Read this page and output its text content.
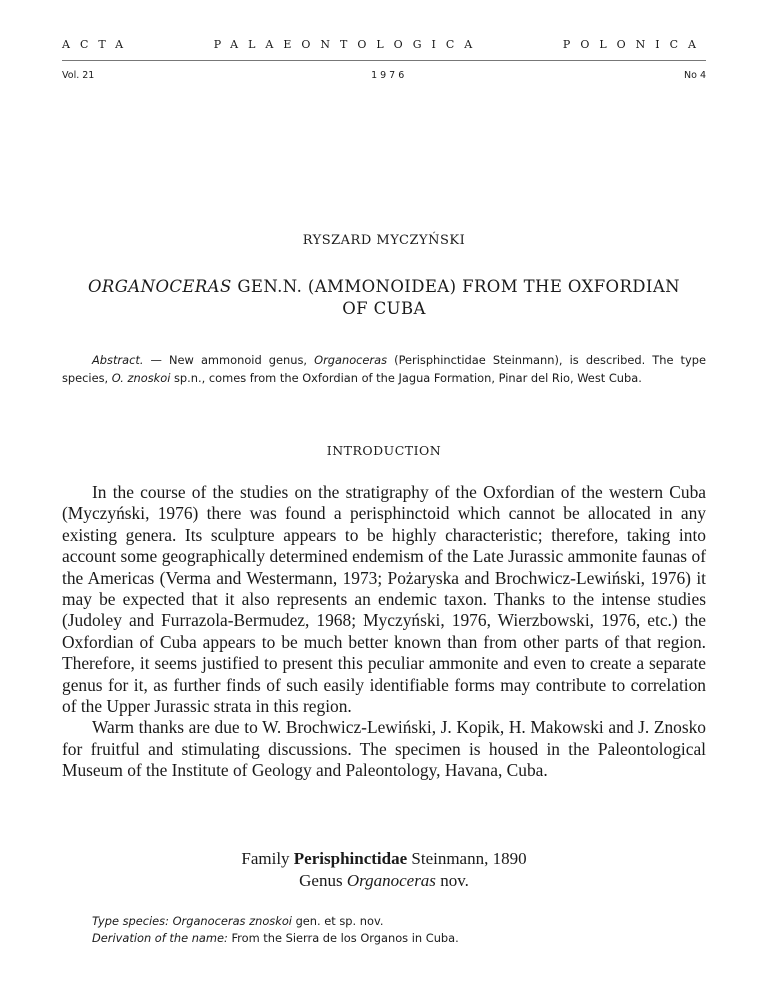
ACTA	PALAEONTOLOGICA	POLONICA
Vol. 21	1976	No 4
RYSZARD MYCZYŃSKI
ORGANOCERAS GEN.N. (AMMONOIDEA) FROM THE OXFORDIAN
OF CUBA
Abstract. — New ammonoid genus, Organoceras (Perisphinctidae Steinmann), is described. The type species, O. znoskoi sp.n., comes from the Oxfordian of the Jagua Formation, Pinar del Rio, West Cuba.
INTRODUCTION

In the course of the studies on the stratigraphy of the Oxfordian of the western Cuba (Myczyński, 1976) there was found a perisphinctoid which cannot be allocated in any existing genera. Its sculpture appears to be highly characteristic; therefore, taking into account some geographically determined endemism of the Late Jurassic ammonite faunas of the Americas (Verma and Westermann, 1973; Pożaryska and Brochwicz-Lewiński, 1976) it may be expected that it also represents an endemic taxon. Thanks to the intense studies (Judoley and Furrazola-Bermudez, 1968; Myczyński, 1976, Wierzbowski, 1976, etc.) the Oxfordian of Cuba appears to be much better known than from other parts of that region. Therefore, it seems justified to present this peculiar ammonite and even to create a separate genus for it, as further finds of such easily identifiable forms may contribute to correlation of the Upper Jurassic strata in this region.

Warm thanks are due to W. Brochwicz-Lewiński, J. Kopik, H. Makowski and J. Znosko for fruitful and stimulating discussions. The specimen is housed in the Paleontological Museum of the Institute of Geology and Paleontology, Havana, Cuba.

Family Perisphinctidae Steinmann, 1890
Genus Organoceras nov.
Type species: Organoceras znoskoi gen. et sp. nov.
Derivation of the name: From the Sierra de los Organos in Cuba.
